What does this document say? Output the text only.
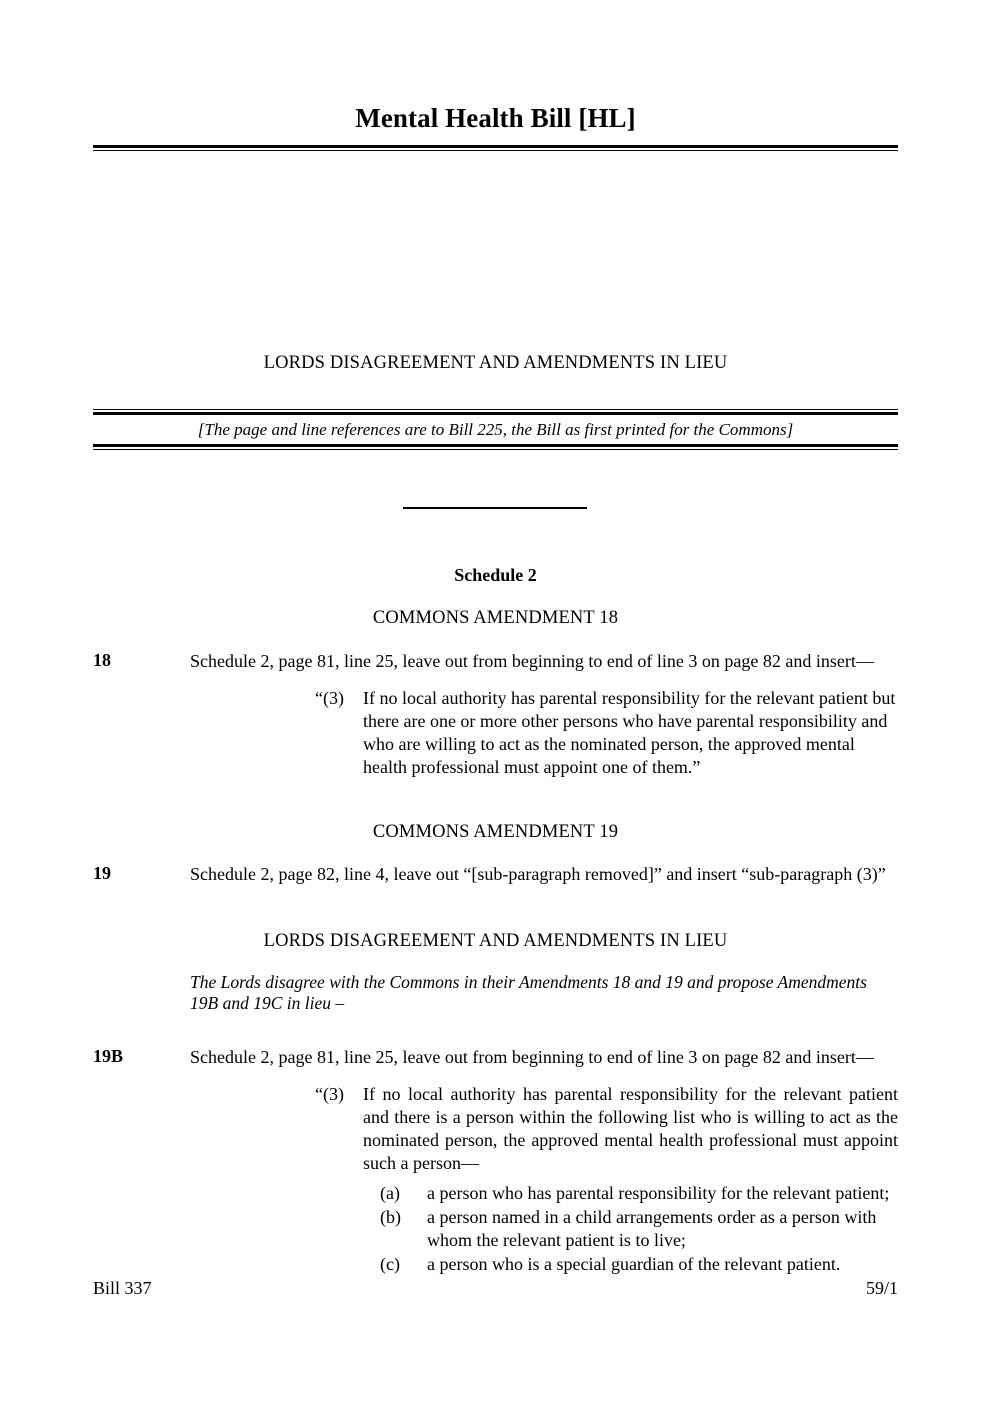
Mental Health Bill [HL]
LORDS DISAGREEMENT AND AMENDMENTS IN LIEU
[The page and line references are to Bill 225, the Bill as first printed for the Commons]
Schedule 2
COMMONS AMENDMENT 18
18	Schedule 2, page 81, line 25, leave out from beginning to end of line 3 on page 82 and insert—
“(3)	If no local authority has parental responsibility for the relevant patient but there are one or more other persons who have parental responsibility and who are willing to act as the nominated person, the approved mental health professional must appoint one of them.”
COMMONS AMENDMENT 19
19	Schedule 2, page 82, line 4, leave out “[sub-paragraph removed]” and insert “sub-paragraph (3)”
LORDS DISAGREEMENT AND AMENDMENTS IN LIEU
The Lords disagree with the Commons in their Amendments 18 and 19 and propose Amendments 19B and 19C in lieu –
19B	Schedule 2, page 81, line 25, leave out from beginning to end of line 3 on page 82 and insert—
“(3)	If no local authority has parental responsibility for the relevant patient and there is a person within the following list who is willing to act as the nominated person, the approved mental health professional must appoint such a person—
(a)	a person who has parental responsibility for the relevant patient;
(b)	a person named in a child arrangements order as a person with whom the relevant patient is to live;
(c)	a person who is a special guardian of the relevant patient.
Bill 337	59/1
